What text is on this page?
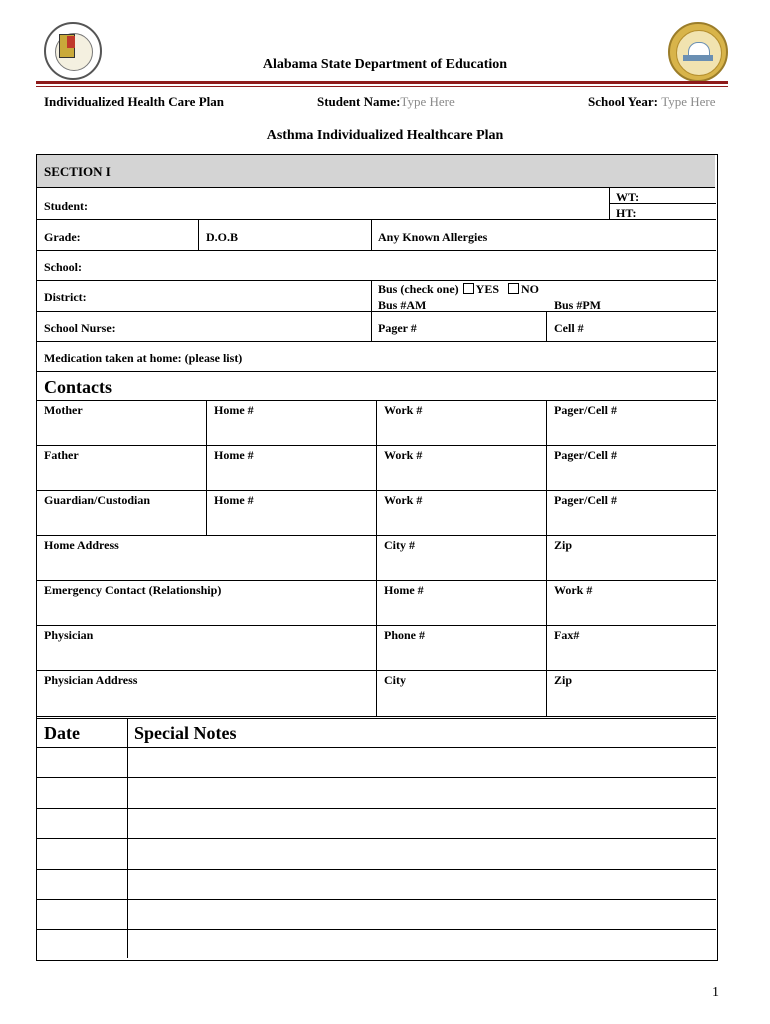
Alabama State Department of Education
Individualized Health Care Plan	Student Name:Type Here	School Year: Type Here
Asthma Individualized Healthcare Plan
SECTION I
Student:
WT:
HT:
Grade:	D.O.B	Any Known Allergies
School:
District:
Bus (check one) YES NO
Bus #AM	Bus #PM
School Nurse:	Pager #	Cell #
Medication taken at home: (please list)
Contacts
Mother	Home #	Work #	Pager/Cell #
Father	Home #	Work #	Pager/Cell #
Guardian/Custodian	Home #	Work #	Pager/Cell #
Home Address	City #	Zip
Emergency Contact (Relationship)	Home #	Work #
Physician	Phone #	Fax#
Physician Address	City	Zip
Date	Special Notes
1
